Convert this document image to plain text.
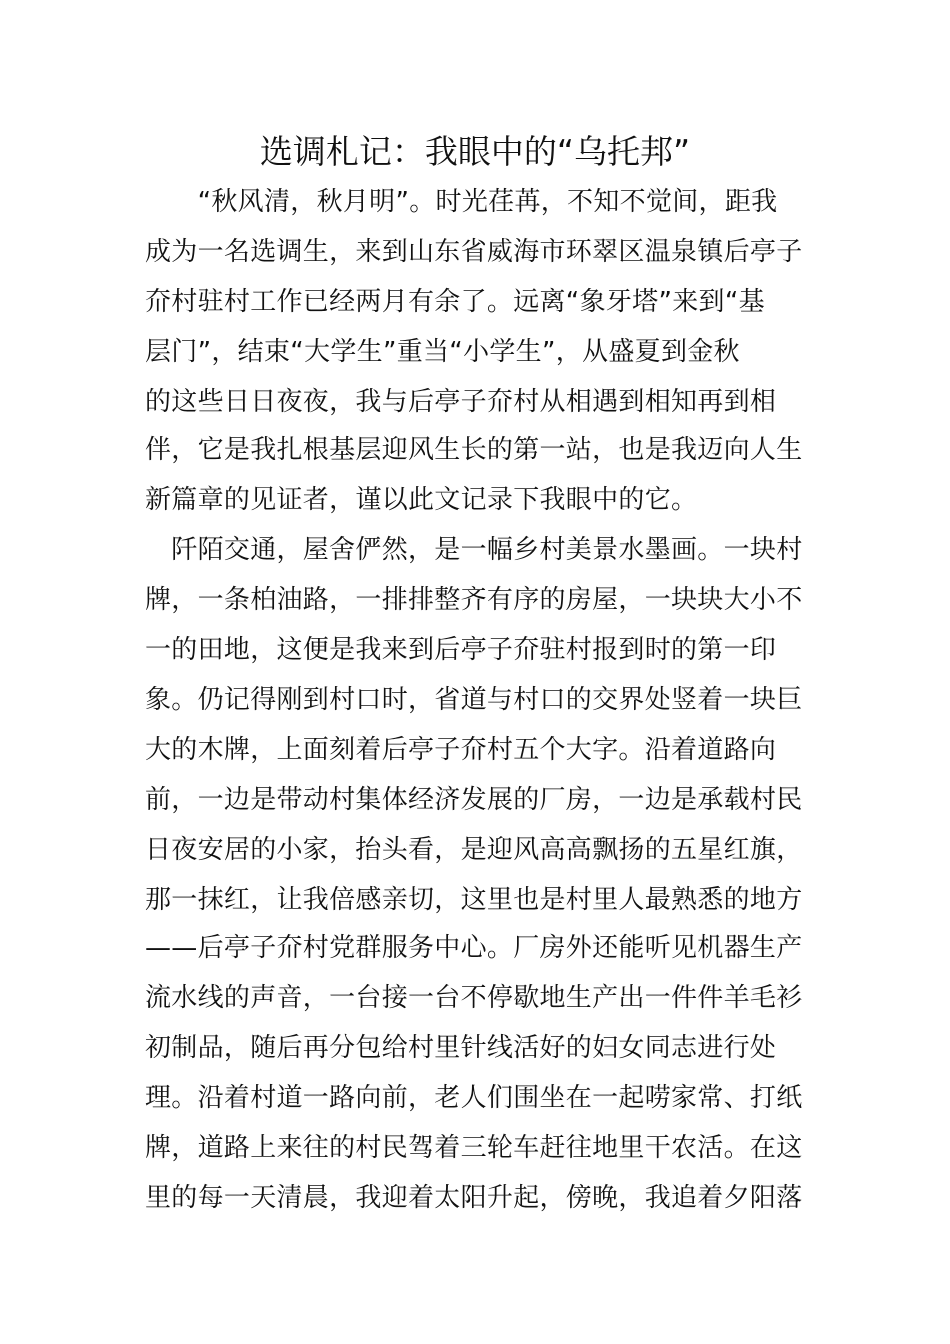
选调札记：我眼中的“乌托邦”
　　“秋风清，秋月明”。时光荏苒，不知不觉间，距我
成为一名选调生，来到山东省威海市环翠区温泉镇后亭子
夼村驻村工作已经两月有余了。远离“象牙塔”来到“基
层门”，结束“大学生”重当“小学生”，从盛夏到金秋
的这些日日夜夜，我与后亭子夼村从相遇到相知再到相
伴，它是我扎根基层迎风生长的第一站，也是我迈向人生
新篇章的见证者，谨以此文记录下我眼中的它。
　阡陌交通，屋舍俨然，是一幅乡村美景水墨画。一块村
牌，一条柏油路，一排排整齐有序的房屋，一块块大小不
一的田地，这便是我来到后亭子夼驻村报到时的第一印
象。仍记得刚到村口时，省道与村口的交界处竖着一块巨
大的木牌，上面刻着后亭子夼村五个大字。沿着道路向
前，一边是带动村集体经济发展的厂房，一边是承载村民
日夜安居的小家，抬头看，是迎风高高飘扬的五星红旗，
那一抹红，让我倍感亲切，这里也是村里人最熟悉的地方
——后亭子夼村党群服务中心。厂房外还能听见机器生产
流水线的声音，一台接一台不停歇地生产出一件件羊毛衫
初制品，随后再分包给村里针线活好的妇女同志进行处
理。沿着村道一路向前，老人们围坐在一起唠家常、打纸
牌，道路上来往的村民驾着三轮车赶往地里干农活。在这
里的每一天清晨，我迎着太阳升起，傍晚，我追着夕阳落
